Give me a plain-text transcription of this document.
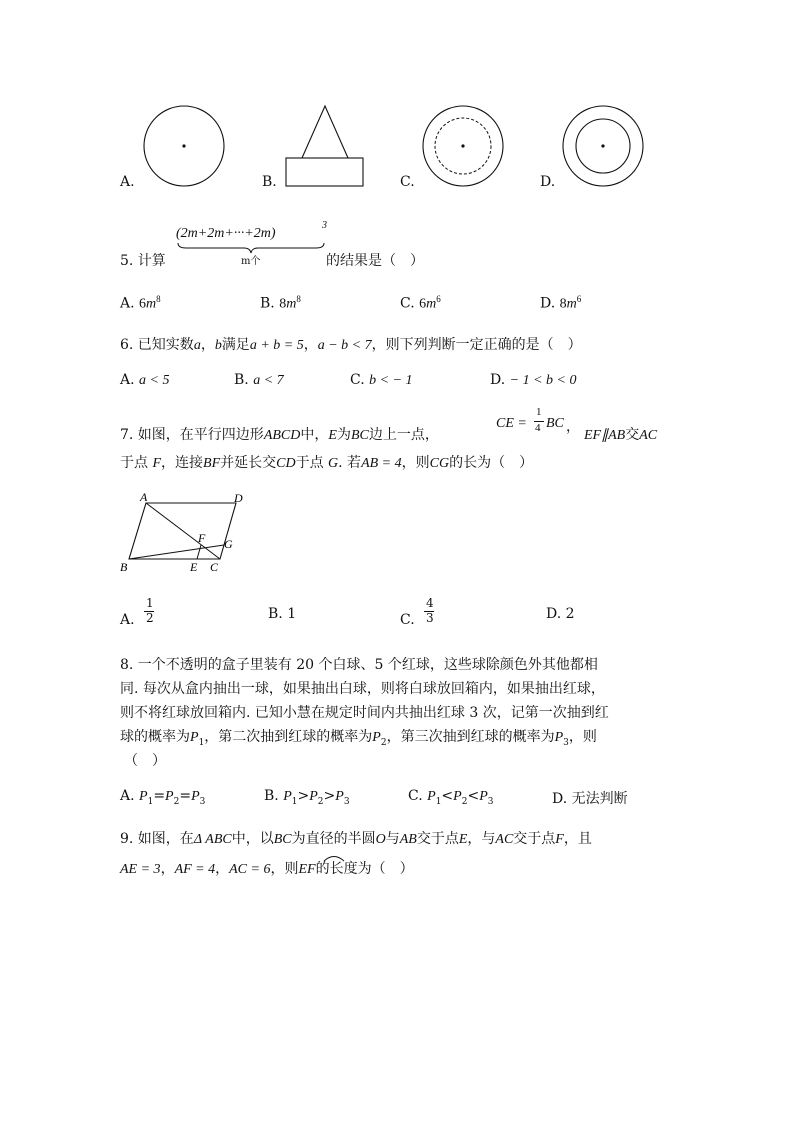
A.	B.	C.	D.
5. 计算
(2m+2m+···+2m)
3
m个	的结果是（　）
A. $6m^8$	B. $8m^8$	C. $6m^6$	D. $8m^6$
6. 已知实数a，b满足a + b = 5，a − b < 7，则下列判断一定正确的是（　）
A. a < 5	B. a < 7	C. b < − 1	D. − 1 < b < 0
7. 如图，在平行四边形ABCD中，E为BC边上一点，
CE =
1
4 BC ，
EF∥AB交AC
于点 F，连接BF并延长交CD于点 G. 若AB = 4，则CG的长为（　）
A	D
F G
B	E C
A.
1
2	B. 1	C.
4
3	D. 2
8. 一个不透明的盒子里装有 20 个白球、5 个红球，这些球除颜色外其他都相
同. 每次从盒内抽出一球，如果抽出白球，则将白球放回箱内，如果抽出红球，
则不将红球放回箱内. 已知小慧在规定时间内共抽出红球 3 次，记第一次抽到红
球的概率为$P_1$，第二次抽到红球的概率为$P_2$，第三次抽到红球的概率为$P_3$，则
（　）
A. $P_1=P_2=P_3$	B. $P_1>P_2>P_3$	C. $P_1<P_2<P_3$	D. 无法判断
9. 如图，在Δ ABC中，以BC为直径的半圆O与AB交于点E，与AC交于点F，且
AE = 3，AF = 4，AC = 6，则EF的长度为（　）
